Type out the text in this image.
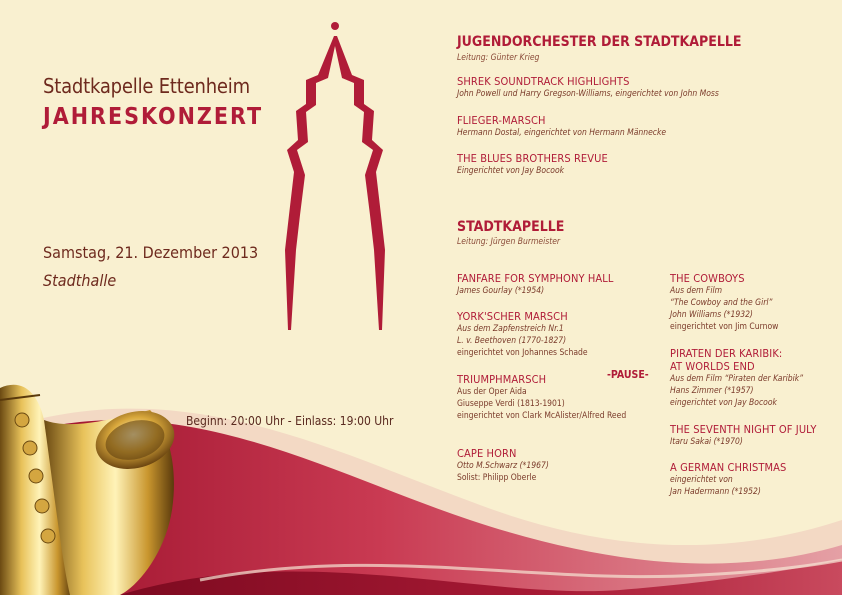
Stadtkapelle Ettenheim
JAHRESKONZERT
Samstag, 21. Dezember 2013
Stadthalle
Beginn: 20:00 Uhr - Einlass: 19:00 Uhr
JUGENDORCHESTER DER STADTKAPELLE
Leitung: Günter Krieg
SHREK SOUNDTRACK HIGHLIGHTS
John Powell und Harry Gregson-Williams, eingerichtet von John Moss
FLIEGER-MARSCH
Hermann Dostal, eingerichtet von Hermann Männecke
THE BLUES BROTHERS REVUE
Eingerichtet von Jay Bocook
STADTKAPELLE
Leitung: Jürgen Burmeister
FANFARE FOR SYMPHONY HALL
James Gourlay (*1954)
YORK'SCHER MARSCH
Aus dem Zapfenstreich Nr.1
L. v. Beethoven (1770-1827)
eingerichtet von Johannes Schade
TRIUMPHMARSCH
Aus der Oper Aida
Giuseppe Verdi (1813-1901)
eingerichtet von Clark McAlister/Alfred Reed
CAPE HORN
Otto M.Schwarz (*1967)
Solist: Philipp Oberle
-PAUSE-
THE COWBOYS
Aus dem Film
“The Cowboy and the Girl”
John Williams (*1932)
eingerichtet von Jim Curnow
PIRATEN DER KARIBIK:
AT WORLDS END
Aus dem Film “Piraten der Karibik”
Hans Zimmer (*1957)
eingerichtet von Jay Bocook
THE SEVENTH NIGHT OF JULY
Itaru Sakai (*1970)
A GERMAN CHRISTMAS
eingerichtet von
Jan Hadermann (*1952)
